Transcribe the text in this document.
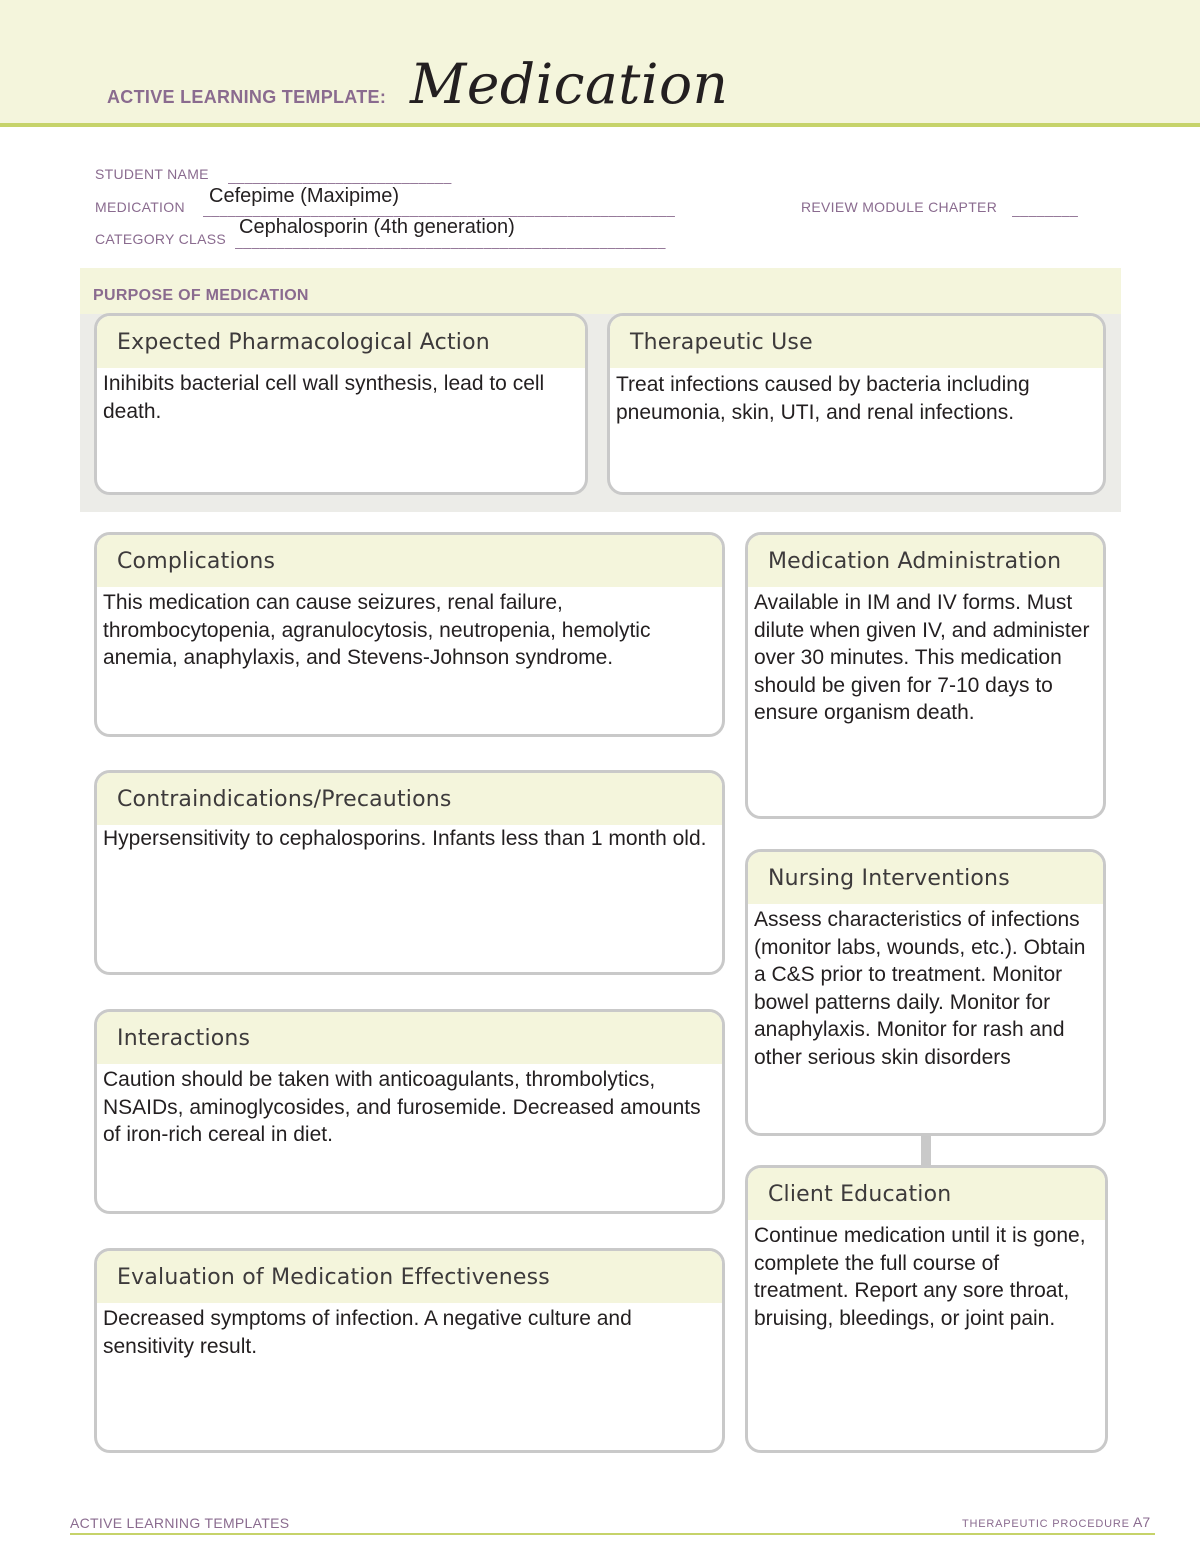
ACTIVE LEARNING TEMPLATE: Medication
STUDENT NAME ___________________________
MEDICATION _________________________________________________________
Cefepime (Maxipime)	REVIEW MODULE CHAPTER ________
CATEGORY CLASS ____________________________________________________
Cephalosporin (4th generation)
PURPOSE OF MEDICATION
Expected Pharmacological Action
Inihibits bacterial cell wall synthesis, lead to cell death.
Therapeutic Use
Treat infections caused by bacteria including pneumonia, skin, UTI, and renal infections.
Complications
This medication can cause seizures, renal failure, thrombocytopenia, agranulocytosis, neutropenia, hemolytic anemia, anaphylaxis, and Stevens-Johnson syndrome.
Contraindications/Precautions
Hypersensitivity to cephalosporins. Infants less than 1 month old.
Interactions
Caution should be taken with anticoagulants, thrombolytics, NSAIDs, aminoglycosides, and furosemide. Decreased amounts of iron-rich cereal in diet.
Evaluation of Medication Effectiveness
Decreased symptoms of infection. A negative culture and sensitivity result.
Medication Administration
Available in IM and IV forms. Must dilute when given IV, and administer over 30 minutes. This medication should be given for 7-10 days to ensure organism death.
Nursing Interventions
Assess characteristics of infections (monitor labs, wounds, etc.). Obtain a C&S prior to treatment. Monitor bowel patterns daily. Monitor for anaphylaxis. Monitor for rash and other serious skin disorders
Client Education
Continue medication until it is gone, complete the full course of treatment. Report any sore throat, bruising, bleedings, or joint pain.
ACTIVE LEARNING TEMPLATES	THERAPEUTIC PROCEDURE A7
